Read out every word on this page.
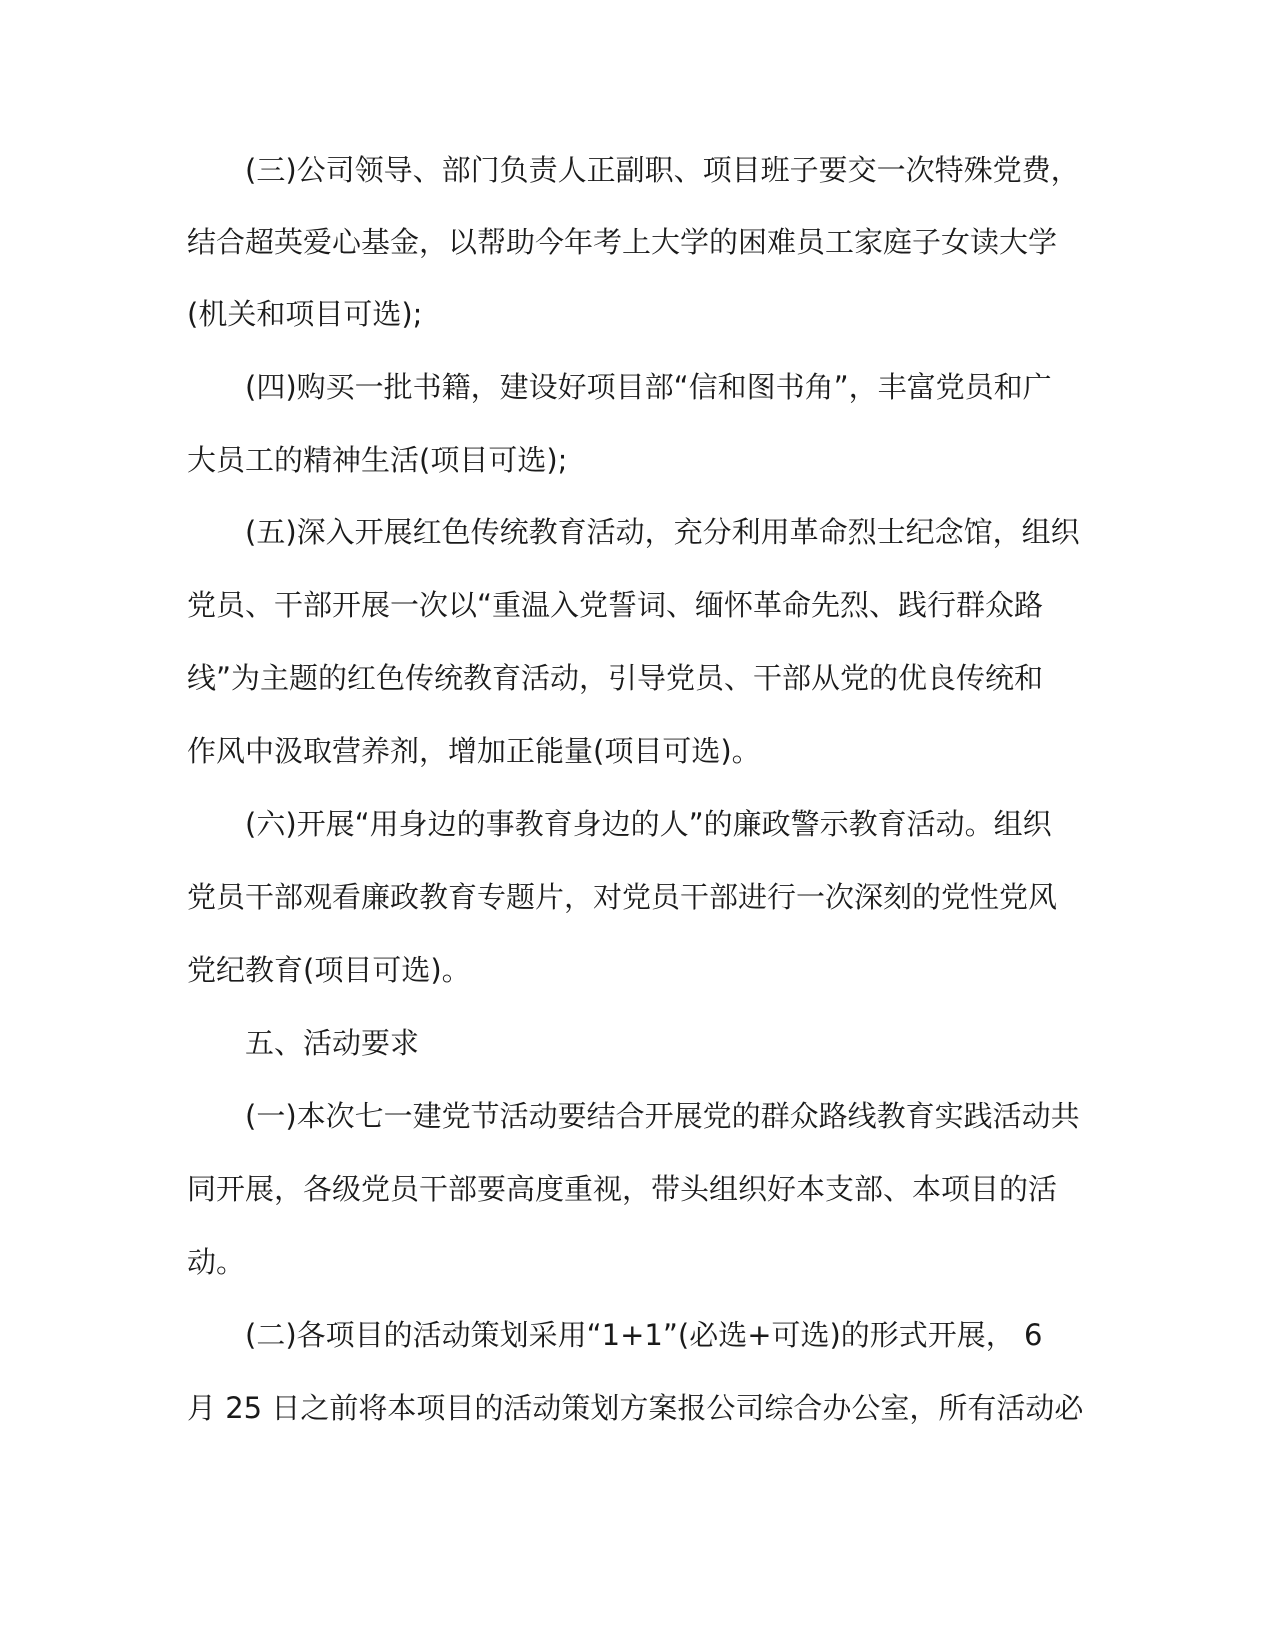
(三)公司领导、部门负责人正副职、项目班子要交一次特殊党费，
结合超英爱心基金，以帮助今年考上大学的困难员工家庭子女读大学
(机关和项目可选);
(四)购买一批书籍，建设好项目部“信和图书角”，丰富党员和广
大员工的精神生活(项目可选);
(五)深入开展红色传统教育活动，充分利用革命烈士纪念馆，组织
党员、干部开展一次以“重温入党誓词、缅怀革命先烈、践行群众路
线”为主题的红色传统教育活动，引导党员、干部从党的优良传统和
作风中汲取营养剂，增加正能量(项目可选)。
(六)开展“用身边的事教育身边的人”的廉政警示教育活动。组织
党员干部观看廉政教育专题片，对党员干部进行一次深刻的党性党风
党纪教育(项目可选)。
五、活动要求
(一)本次七一建党节活动要结合开展党的群众路线教育实践活动共
同开展，各级党员干部要高度重视，带头组织好本支部、本项目的活
动。
(二)各项目的活动策划采用“1+1”(必选+可选)的形式开展， 6
月 25 日之前将本项目的活动策划方案报公司综合办公室，所有活动必
